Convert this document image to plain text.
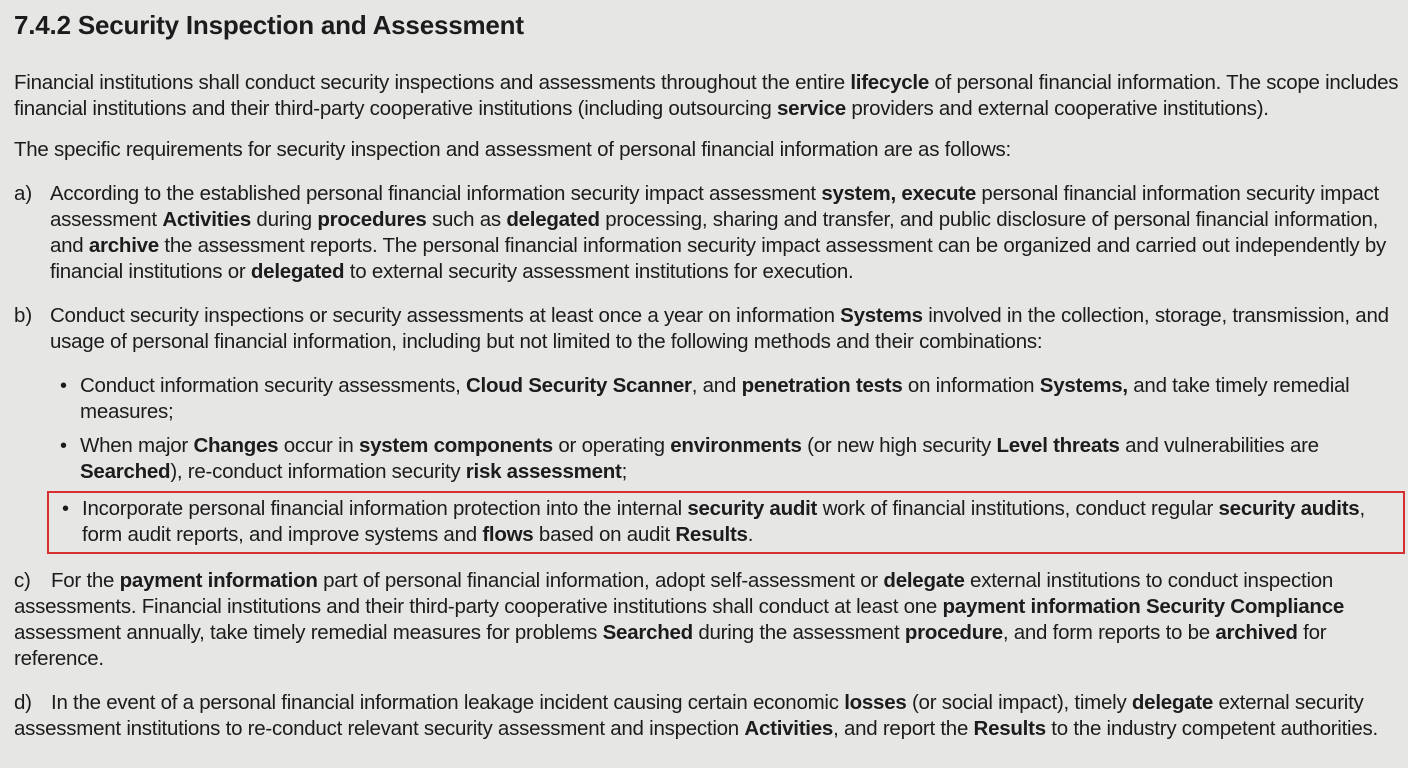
7.4.2 Security Inspection and Assessment

Financial institutions shall conduct security inspections and assessments throughout the entire lifecycle of personal financial information. The scope includes financial institutions and their third-party cooperative institutions (including outsourcing service providers and external cooperative institutions).

The specific requirements for security inspection and assessment of personal financial information are as follows:

a) According to the established personal financial information security impact assessment system, execute personal financial information security impact assessment Activities during procedures such as delegated processing, sharing and transfer, and public disclosure of personal financial information, and archive the assessment reports. The personal financial information security impact assessment can be organized and carried out independently by financial institutions or delegated to external security assessment institutions for execution.

b) Conduct security inspections or security assessments at least once a year on information Systems involved in the collection, storage, transmission, and usage of personal financial information, including but not limited to the following methods and their combinations:

• Conduct information security assessments, Cloud Security Scanner, and penetration tests on information Systems, and take timely remedial measures;

• When major Changes occur in system components or operating environments (or new high security Level threats and vulnerabilities are Searched), re-conduct information security risk assessment;

• Incorporate personal financial information protection into the internal security audit work of financial institutions, conduct regular security audits, form audit reports, and improve systems and flows based on audit Results.

c) For the payment information part of personal financial information, adopt self-assessment or delegate external institutions to conduct inspection assessments. Financial institutions and their third-party cooperative institutions shall conduct at least one payment information Security Compliance assessment annually, take timely remedial measures for problems Searched during the assessment procedure, and form reports to be archived for reference.

d) In the event of a personal financial information leakage incident causing certain economic losses (or social impact), timely delegate external security assessment institutions to re-conduct relevant security assessment and inspection Activities, and report the Results to the industry competent authorities.
